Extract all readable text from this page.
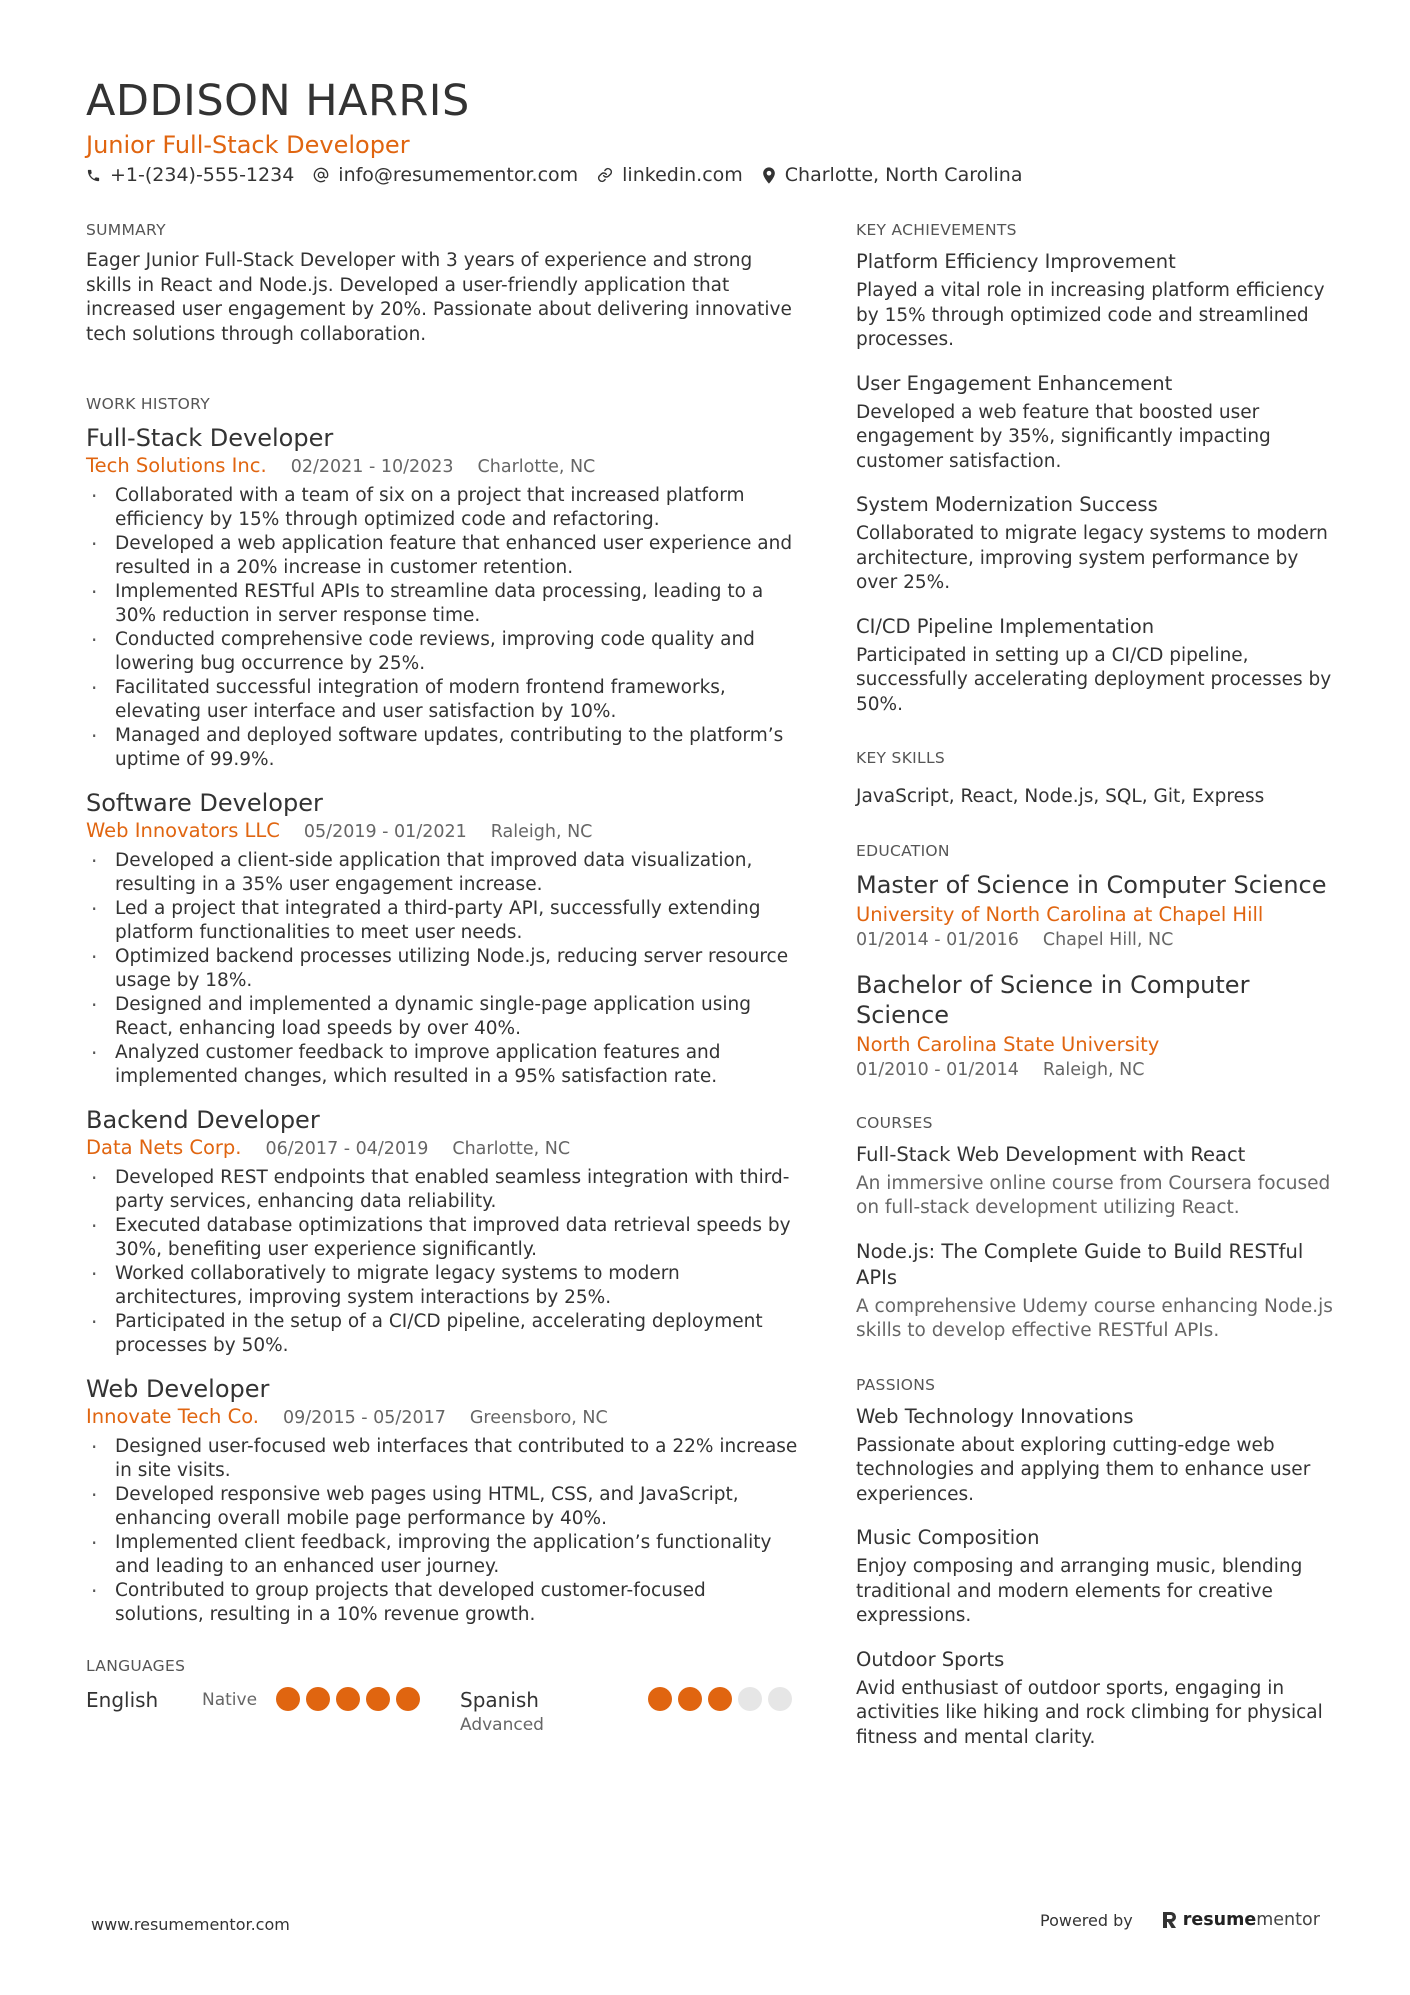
ADDISON HARRIS
Junior Full-Stack Developer
+1-(234)-555-1234 info@resumementor.com linkedin.com Charlotte, North Carolina
SUMMARY
Eager Junior Full-Stack Developer with 3 years of experience and strong skills in React and Node.js. Developed a user-friendly application that increased user engagement by 20%. Passionate about delivering innovative tech solutions through collaboration.
WORK HISTORY
Full-Stack Developer
Tech Solutions Inc. 02/2021 - 10/2023 Charlotte, NC
· Collaborated with a team of six on a project that increased platform efficiency by 15% through optimized code and refactoring.
· Developed a web application feature that enhanced user experience and resulted in a 20% increase in customer retention.
· Implemented RESTful APIs to streamline data processing, leading to a 30% reduction in server response time.
· Conducted comprehensive code reviews, improving code quality and lowering bug occurrence by 25%.
· Facilitated successful integration of modern frontend frameworks, elevating user interface and user satisfaction by 10%.
· Managed and deployed software updates, contributing to the platform’s uptime of 99.9%.
Software Developer
Web Innovators LLC 05/2019 - 01/2021 Raleigh, NC
· Developed a client-side application that improved data visualization, resulting in a 35% user engagement increase.
· Led a project that integrated a third-party API, successfully extending platform functionalities to meet user needs.
· Optimized backend processes utilizing Node.js, reducing server resource usage by 18%.
· Designed and implemented a dynamic single-page application using React, enhancing load speeds by over 40%.
· Analyzed customer feedback to improve application features and implemented changes, which resulted in a 95% satisfaction rate.
Backend Developer
Data Nets Corp. 06/2017 - 04/2019 Charlotte, NC
· Developed REST endpoints that enabled seamless integration with third-party services, enhancing data reliability.
· Executed database optimizations that improved data retrieval speeds by 30%, benefiting user experience significantly.
· Worked collaboratively to migrate legacy systems to modern architectures, improving system interactions by 25%.
· Participated in the setup of a CI/CD pipeline, accelerating deployment processes by 50%.
Web Developer
Innovate Tech Co. 09/2015 - 05/2017 Greensboro, NC
· Designed user-focused web interfaces that contributed to a 22% increase in site visits.
· Developed responsive web pages using HTML, CSS, and JavaScript, enhancing overall mobile page performance by 40%.
· Implemented client feedback, improving the application’s functionality and leading to an enhanced user journey.
· Contributed to group projects that developed customer-focused solutions, resulting in a 10% revenue growth.
LANGUAGES
English	Native	Spanish
Advanced
KEY ACHIEVEMENTS
Platform Efficiency Improvement
Played a vital role in increasing platform efficiency by 15% through optimized code and streamlined processes.
User Engagement Enhancement
Developed a web feature that boosted user engagement by 35%, significantly impacting customer satisfaction.
System Modernization Success
Collaborated to migrate legacy systems to modern architecture, improving system performance by over 25%.
CI/CD Pipeline Implementation
Participated in setting up a CI/CD pipeline, successfully accelerating deployment processes by 50%.
KEY SKILLS
JavaScript, React, Node.js, SQL, Git, Express
EDUCATION
Master of Science in Computer Science
University of North Carolina at Chapel Hill
01/2014 - 01/2016 Chapel Hill, NC
Bachelor of Science in Computer Science
North Carolina State University
01/2010 - 01/2014 Raleigh, NC
COURSES
Full-Stack Web Development with React
An immersive online course from Coursera focused on full-stack development utilizing React.
Node.js: The Complete Guide to Build RESTful APIs
A comprehensive Udemy course enhancing Node.js skills to develop effective RESTful APIs.
PASSIONS
Web Technology Innovations
Passionate about exploring cutting-edge web technologies and applying them to enhance user experiences.
Music Composition
Enjoy composing and arranging music, blending traditional and modern elements for creative expressions.
Outdoor Sports
Avid enthusiast of outdoor sports, engaging in activities like hiking and rock climbing for physical fitness and mental clarity.
www.resumementor.com	Powered by	resume mentor
